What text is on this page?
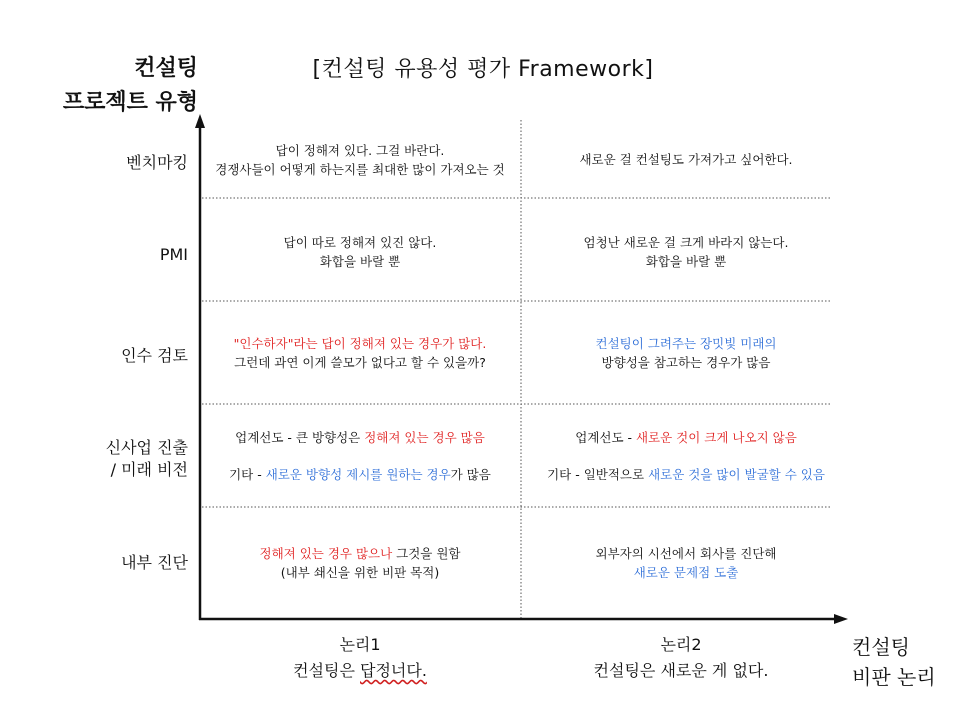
[컨설팅 유용성 평가 Framework]
컨설팅
프로젝트 유형
컨설팅
비판 논리
벤치마킹
PMI
인수 검토
신사업 진출
/ 미래 비전
내부 진단
답이 정해져 있다. 그걸 바란다.
경쟁사들이 어떻게 하는지를 최대한 많이 가져오는 것
새로운 걸 컨설팅도 가져가고 싶어한다.
답이 따로 정해져 있진 않다.
화합을 바랄 뿐
엄청난 새로운 걸 크게 바라지 않는다.
화합을 바랄 뿐
"인수하자"라는 답이 정해져 있는 경우가 많다.
그런데 과연 이게 쓸모가 없다고 할 수 있을까?
컨설팅이 그려주는 장밋빛 미래의
방향성을 참고하는 경우가 많음
업계선도 - 큰 방향성은 정해져 있는 경우 많음
기타 - 새로운 방향성 제시를 원하는 경우가 많음
업계선도 - 새로운 것이 크게 나오지 않음
기타 - 일반적으로 새로운 것을 많이 발굴할 수 있음
정해져 있는 경우 많으나 그것을 원함
(내부 쇄신을 위한 비판 목적)
외부자의 시선에서 회사를 진단해
새로운 문제점 도출
논리1
컨설팅은 답정너다.
논리2
컨설팅은 새로운 게 없다.
